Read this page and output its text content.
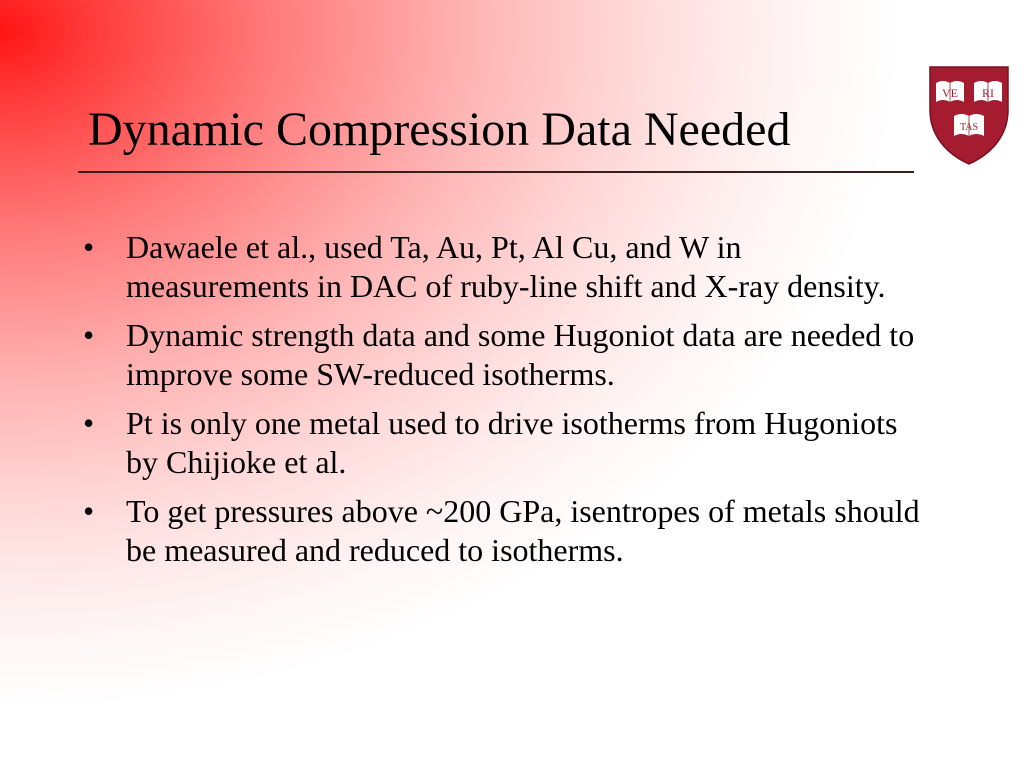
Dynamic Compression Data Needed
VE RI
TAS
• Dawaele et al., used Ta, Au, Pt, Al Cu, and W in measurements in DAC of ruby-line shift and X-ray density.
• Dynamic strength data and some Hugoniot data are needed to improve some SW-reduced isotherms.
• Pt is only one metal used to drive isotherms from Hugoniots by Chijioke et al.
• To get pressures above ~200 GPa, isentropes of metals should be measured and reduced to isotherms.
